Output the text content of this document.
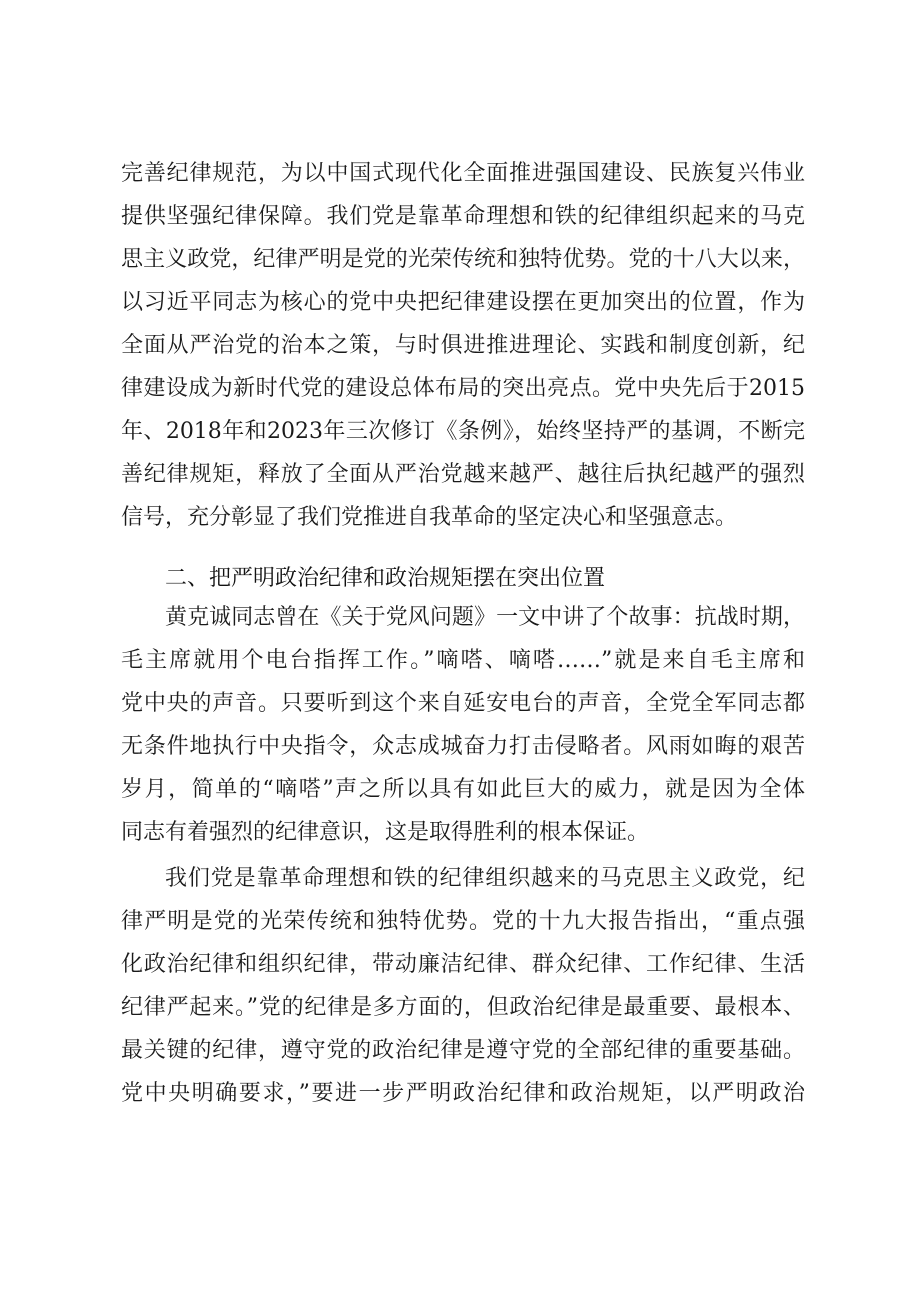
完善纪律规范，为以中国式现代化全面推进强国建设、民族复兴伟业
提供坚强纪律保障。我们党是靠革命理想和铁的纪律组织起来的马克
思主义政党，纪律严明是党的光荣传统和独特优势。党的十八大以来，
以习近平同志为核心的党中央把纪律建设摆在更加突出的位置，作为
全面从严治党的治本之策，与时俱进推进理论、实践和制度创新，纪
律建设成为新时代党的建设总体布局的突出亮点。党中央先后于2015
年、2018年和2023年三次修订《条例》，始终坚持严的基调，不断完
善纪律规矩，释放了全面从严治党越来越严、越往后执纪越严的强烈
信号，充分彰显了我们党推进自我革命的坚定决心和坚强意志。
二、把严明政治纪律和政治规矩摆在突出位置
黄克诚同志曾在《关于党风问题》一文中讲了个故事：抗战时期，
毛主席就用个电台指挥工作。”嘀嗒、嘀嗒……”就是来自毛主席和
党中央的声音。只要听到这个来自延安电台的声音，全党全军同志都
无条件地执行中央指令，众志成城奋力打击侵略者。风雨如晦的艰苦
岁月，简单的“嘀嗒”声之所以具有如此巨大的威力，就是因为全体
同志有着强烈的纪律意识，这是取得胜利的根本保证。
我们党是靠革命理想和铁的纪律组织越来的马克思主义政党，纪
律严明是党的光荣传统和独特优势。党的十九大报告指出，“重点强
化政治纪律和组织纪律，带动廉洁纪律、群众纪律、工作纪律、生活
纪律严起来。”党的纪律是多方面的，但政治纪律是最重要、最根本、
最关键的纪律，遵守党的政治纪律是遵守党的全部纪律的重要基础。
党中央明确要求，”要进一步严明政治纪律和政治规矩，以严明政治
